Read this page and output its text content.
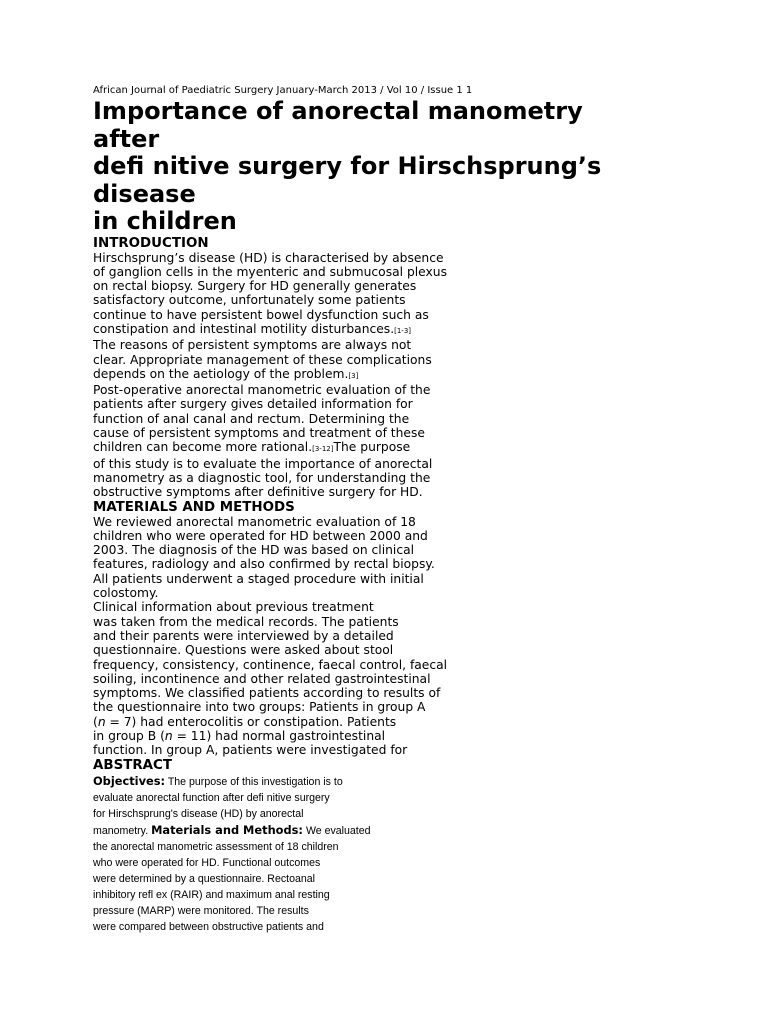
African Journal of Paediatric Surgery January-March 2013 / Vol 10 / Issue 1 1

Importance of anorectal manometry
after
defi nitive surgery for Hirschsprung’s
disease
in children
INTRODUCTION
Hirschsprung’s disease (HD) is characterised by absence
of ganglion cells in the myenteric and submucosal plexus
on rectal biopsy. Surgery for HD generally generates
satisfactory outcome, unfortunately some patients
continue to have persistent bowel dysfunction such as
constipation and intestinal motility disturbances.[1-3]
The reasons of persistent symptoms are always not
clear. Appropriate management of these complications
depends on the aetiology of the problem.[3]
Post-operative anorectal manometric evaluation of the
patients after surgery gives detailed information for
function of anal canal and rectum. Determining the
cause of persistent symptoms and treatment of these
children can become more rational.[3-12]The purpose
of this study is to evaluate the importance of anorectal
manometry as a diagnostic tool, for understanding the
obstructive symptoms after definitive surgery for HD.
MATERIALS AND METHODS
We reviewed anorectal manometric evaluation of 18
children who were operated for HD between 2000 and
2003. The diagnosis of the HD was based on clinical
features, radiology and also confirmed by rectal biopsy.
All patients underwent a staged procedure with initial
colostomy.
Clinical information about previous treatment
was taken from the medical records. The patients
and their parents were interviewed by a detailed
questionnaire. Questions were asked about stool
frequency, consistency, continence, faecal control, faecal
soiling, incontinence and other related gastrointestinal
symptoms. We classified patients according to results of
the questionnaire into two groups: Patients in group A
(n = 7) had enterocolitis or constipation. Patients
in group B (n = 11) had normal gastrointestinal
function. In group A, patients were investigated for
ABSTRACT
Objectives: The purpose of this investigation is to
evaluate anorectal function after defi nitive surgery
for Hirschsprung's disease (HD) by anorectal
manometry. Materials and Methods: We evaluated
the anorectal manometric assessment of 18 children
who were operated for HD. Functional outcomes
were determined by a questionnaire. Rectoanal
inhibitory refl ex (RAIR) and maximum anal resting
pressure (MARP) were monitored. The results
were compared between obstructive patients and
